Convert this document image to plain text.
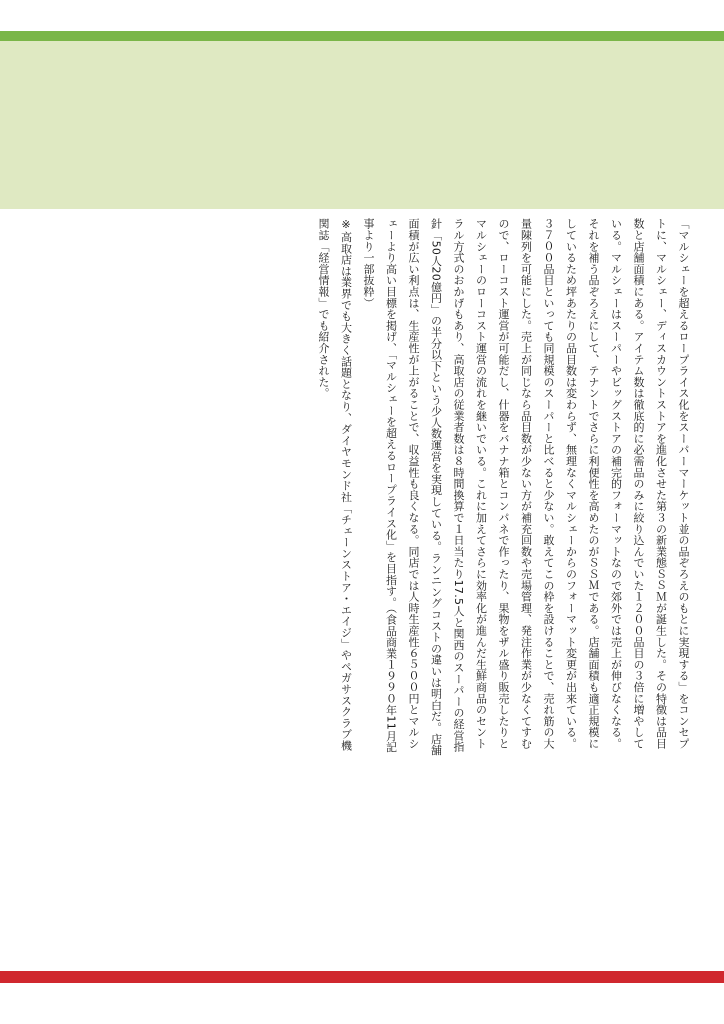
「マルシェーを超えるロープライス化をスーパーマーケット並の品ぞろえのもとに実現する」をコンセプトに、マルシェー、ディスカウントストアを進化させた第３の新業態ＳＳＭが誕生した。その特徴は品目数と店舗面積にある。アイテム数は徹底的に必需品のみに絞り込んでいた１２００品目の３倍に増やしている。マルシェーはスーパーやビッグストアの補完的フォーマットなので郊外では売上が伸びなくなる。それを補う品ぞろえにして、テナントでさらに利便性を高めたのがＳＳＭである。店舗面積も適正規模にしているため坪あたりの品目数は変わらず、無理なくマルシェーからのフォーマット変更が出来ている。３７００品目といっても同規模のスーパーと比べると少ない。敢えてこの枠を設けることで、売れ筋の大量陳列を可能にした。売上が同じなら品目数が少ない方が補充回数や売場管理、発注作業が少なくてすむので、ローコスト運営が可能だし、什器をバナナ箱とコンパネで作ったり、果物をザル盛り販売したりとマルシェーのローコスト運営の流れを継いでいる。これに加えてさらに効率化が進んだ生鮮商品のセントラル方式のおかげもあり、高取店の従業者数は８時間換算で１日当たり17.5人と関西のスーパーの経営指針「50人20億円」の半分以下という少人数運営を実現している。ランニングコストの違いは明白だ。店舗面積が広い利点は、生産性が上がることで、収益性も良くなる。同店では人時生産性６５００円とマルシェーより高い目標を掲げ、「マルシェーを超えるロープライス化」を目指す。（食品商業１９９０年11月記事より一部抜粋）

※高取店は業界でも大きく話題となり、ダイヤモンド社「チェーンストア・エイジ」やペガサスクラブ機関誌「経営情報」でも紹介された。
